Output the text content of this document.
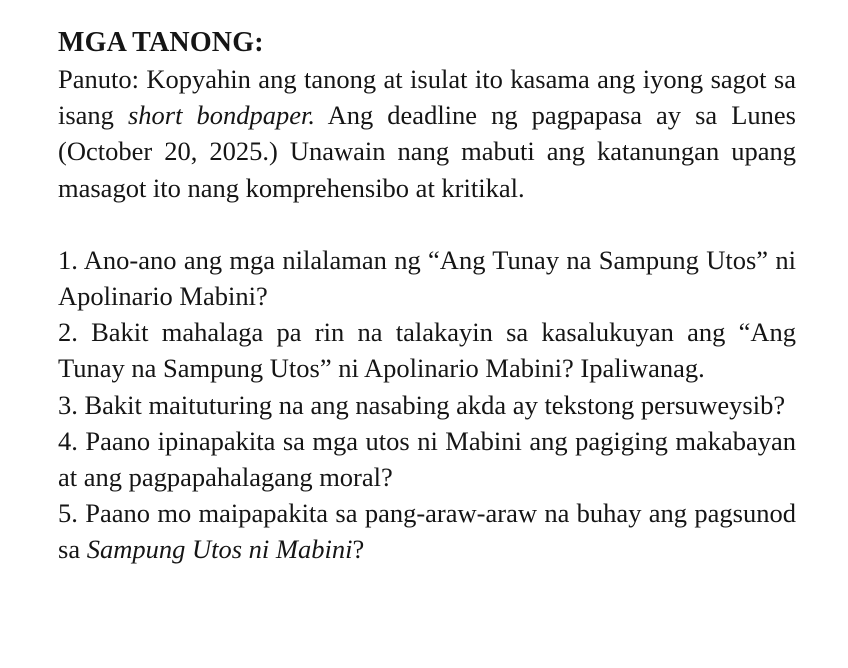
MGA TANONG:

Panuto: Kopyahin ang tanong at isulat ito kasama ang iyong sagot sa isang short bondpaper. Ang deadline ng pagpapasa ay sa Lunes (October 20, 2025.) Unawain nang mabuti ang katanungan upang masagot ito nang komprehensibo at kritikal.

1. Ano-ano ang mga nilalaman ng “Ang Tunay na Sampung Utos” ni Apolinario Mabini?

2. Bakit mahalaga pa rin na talakayin sa kasalukuyan ang “Ang Tunay na Sampung Utos” ni Apolinario Mabini? Ipaliwanag.

3. Bakit maituturing na ang nasabing akda ay tekstong persuweysib?

4. Paano ipinapakita sa mga utos ni Mabini ang pagiging makabayan at ang pagpapahalagang moral?

5. Paano mo maipapakita sa pang-araw-araw na buhay ang pagsunod sa Sampung Utos ni Mabini?
